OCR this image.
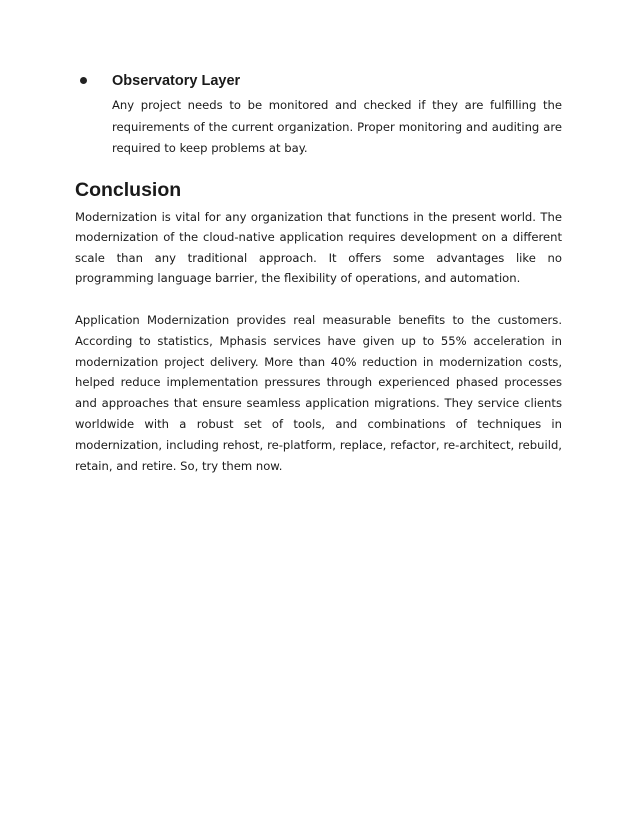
Observatory Layer
Any project needs to be monitored and checked if they are fulfilling the requirements of the current organization. Proper monitoring and auditing are required to keep problems at bay.
Conclusion
Modernization is vital for any organization that functions in the present world. The modernization of the cloud-native application requires development on a different scale than any traditional approach. It offers some advantages like no programming language barrier, the flexibility of operations, and automation.
Application Modernization provides real measurable benefits to the customers. According to statistics, Mphasis services have given up to 55% acceleration in modernization project delivery. More than 40% reduction in modernization costs, helped reduce implementation pressures through experienced phased processes and approaches that ensure seamless application migrations. They service clients worldwide with a robust set of tools, and combinations of techniques in modernization, including rehost, re-platform, replace, refactor, re-architect, rebuild, retain, and retire. So, try them now.
